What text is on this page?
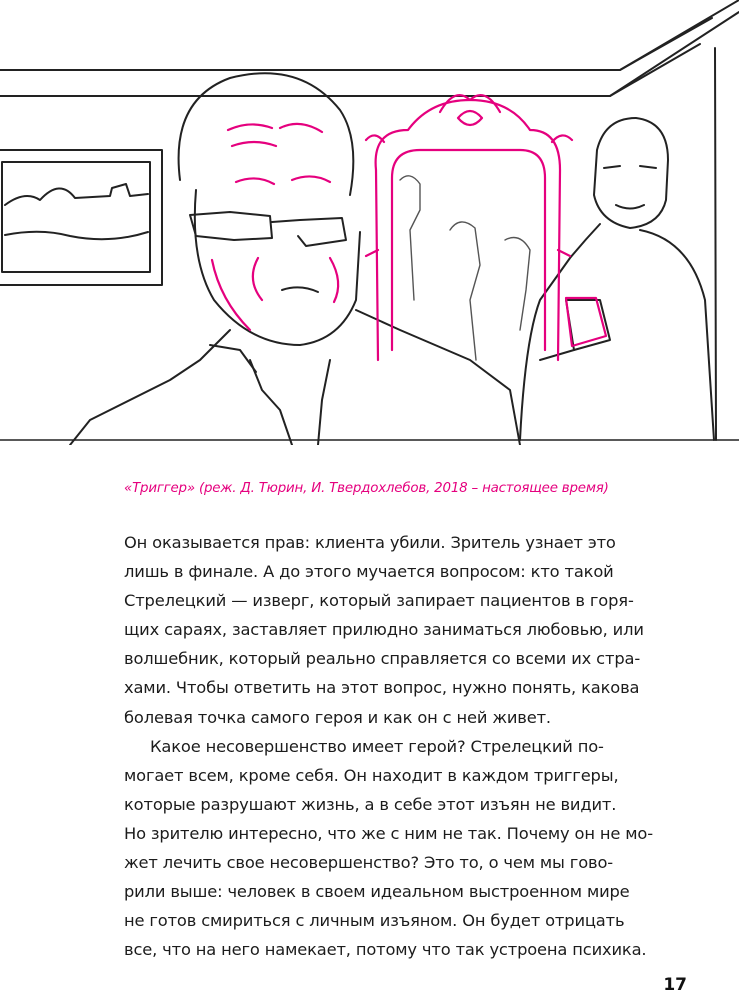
«Триггер» (реж. Д. Тюрин, И. Твердохлебов, 2018 – настоящее время)
Он оказывается прав: клиента убили. Зритель узнает это
лишь в финале. А до этого мучается вопросом: кто такой
Стрелецкий — изверг, который запирает пациентов в горя-
щих сараях, заставляет прилюдно заниматься любовью, или
волшебник, который реально справляется со всеми их стра-
хами. Чтобы ответить на этот вопрос, нужно понять, какова
болевая точка самого героя и как он с ней живет.
Какое несовершенство имеет герой? Стрелецкий по-
могает всем, кроме себя. Он находит в каждом триггеры,
которые разрушают жизнь, а в себе этот изъян не видит.
Но зрителю интересно, что же с ним не так. Почему он не мо-
жет лечить свое несовершенство? Это то, о чем мы гово-
рили выше: человек в своем идеальном выстроенном мире
не готов смириться с личным изъяном. Он будет отрицать
все, что на него намекает, потому что так устроена психика.
17
